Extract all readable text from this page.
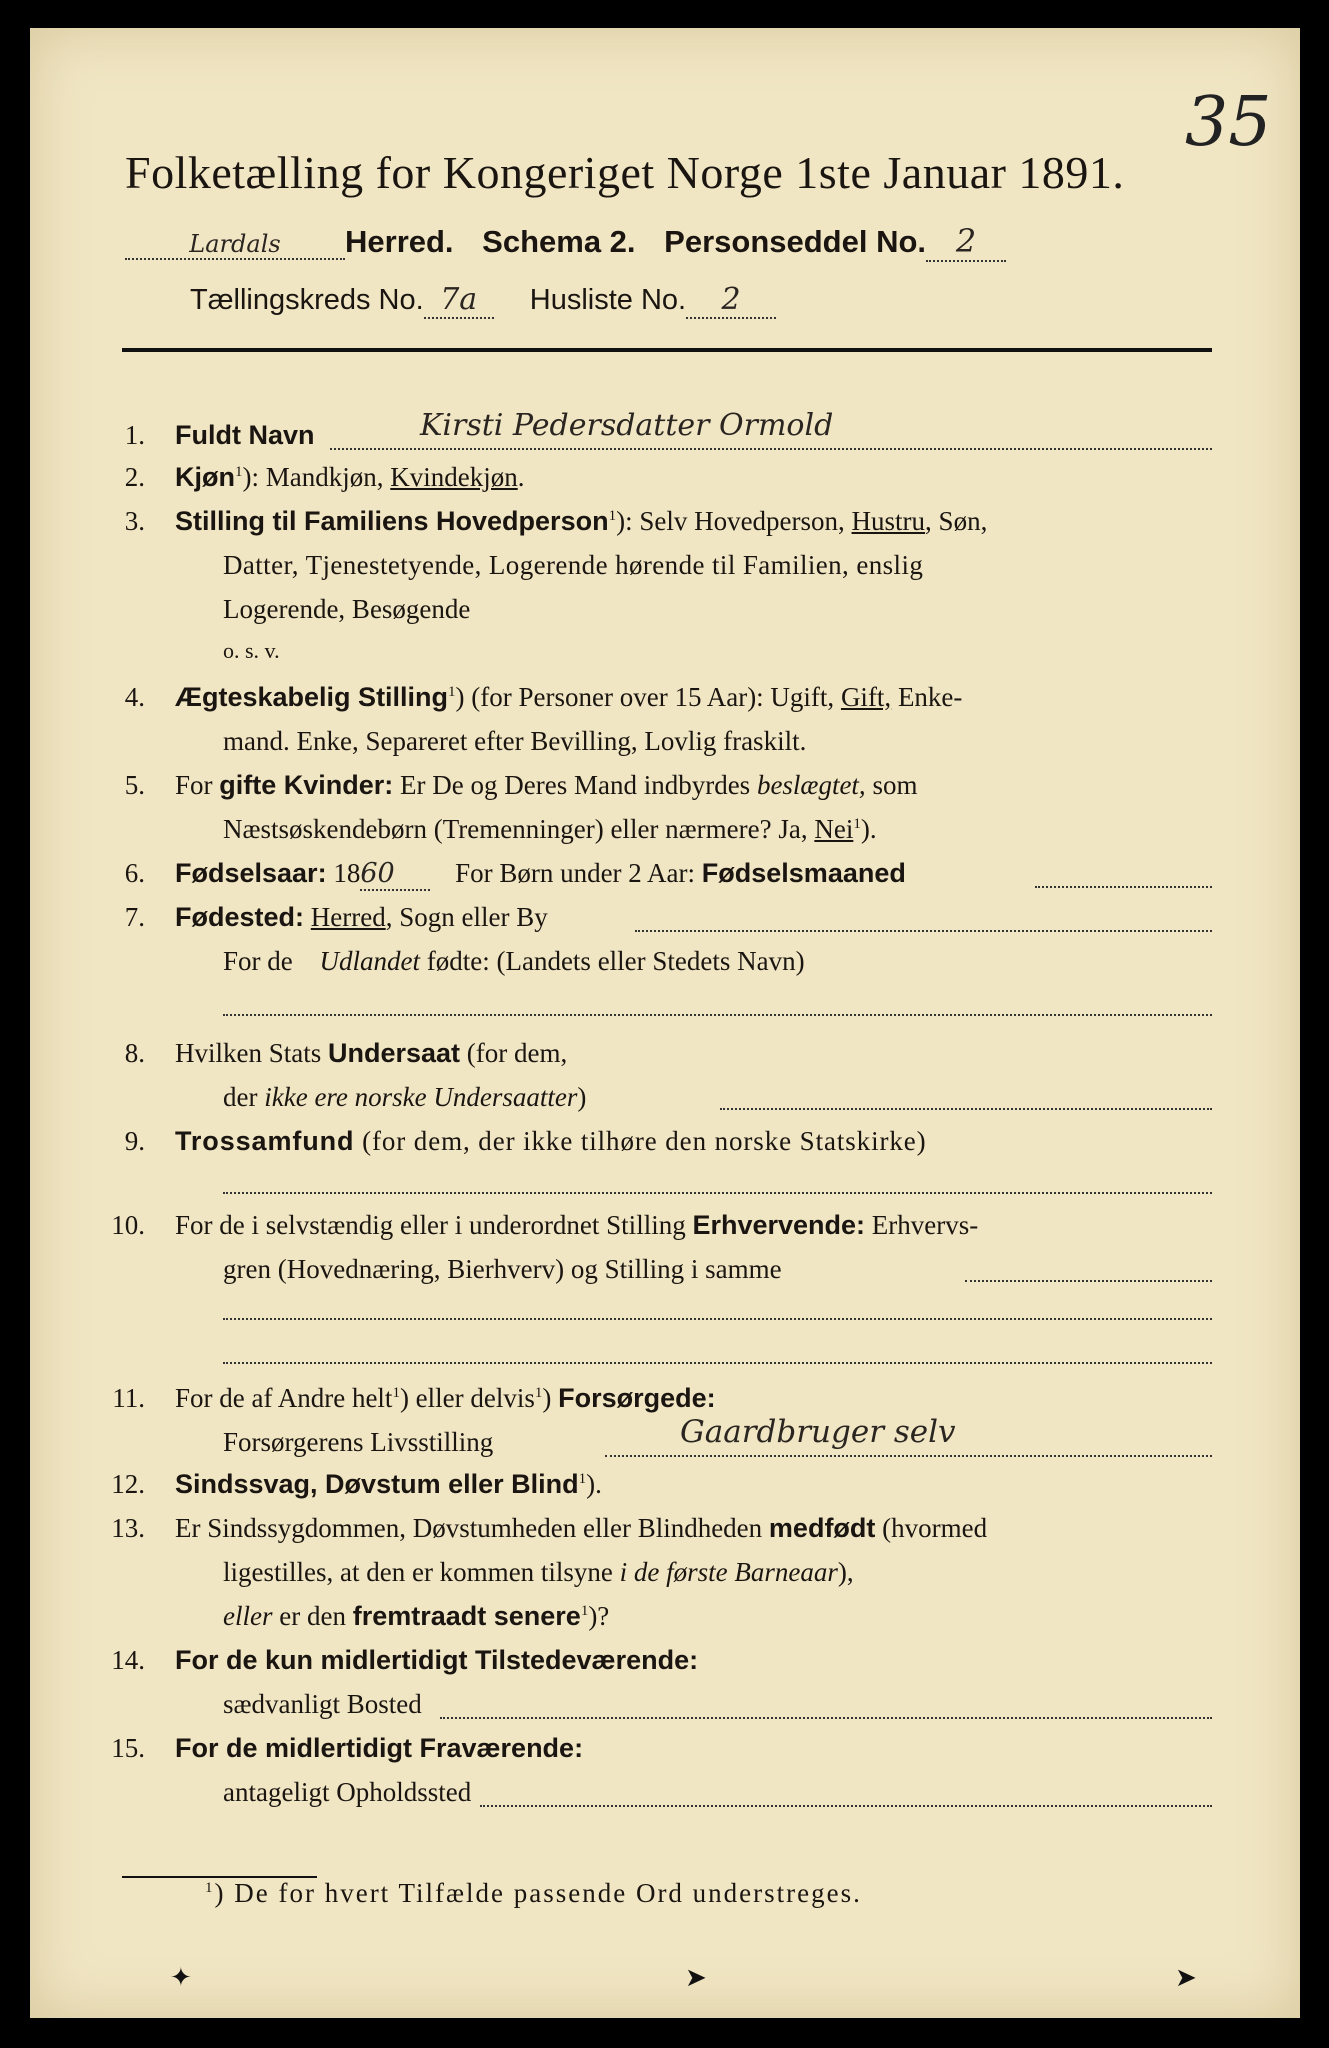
35
Folketælling for Kongeriget Norge 1ste Januar 1891.
Lardals Herred. Schema 2. Personseddel No. 2
Tællingskreds No. 7a Husliste No. 2
1. Fuldt Navn	Kirsti Pedersdatter Ormold
2. Kjøn$^1$): Mandkjøn, Kvindekjøn.
3. Stilling til Familiens Hovedperson$^1$): Selv Hovedperson, Hustru, Søn,
Datter, Tjenestetyende, Logerende hørende til Familien, enslig
Logerende, Besøgende
o. s. v.
4. Ægteskabelig Stilling$^1$) (for Personer over 15 Aar): Ugift, Gift, Enke-
mand. Enke, Separeret efter Bevilling, Lovlig fraskilt.
5. For gifte Kvinder: Er De og Deres Mand indbyrdes beslægtet, som
Næstsøskendebørn (Tremenninger) eller nærmere? Ja, Nei$^1$).
6. Fødselsaar: 1860 For Børn under 2 Aar: Fødselsmaaned
7. Fødested: Herred, Sogn eller By
For de Udlandet fødte: (Landets eller Stedets Navn)
8. Hvilken Stats Undersaat (for dem,
der ikke ere norske Undersaatter)
9. Trossamfund (for dem, der ikke tilhøre den norske Statskirke)
10. For de i selvstændig eller i underordnet Stilling Erhvervende: Erhvervs-
gren (Hovednæring, Bierhverv) og Stilling i samme
11. For de af Andre helt$^1$) eller delvis$^1$) Forsørgede:
Forsørgerens Livsstilling	Gaardbruger selv
12. Sindssvag, Døvstum eller Blind$^1$).
13. Er Sindssygdommen, Døvstumheden eller Blindheden medfødt (hvormed
ligestilles, at den er kommen tilsyne i de første Barneaar),
eller er den fremtraadt senere$^1$)?
14. For de kun midlertidigt Tilstedeværende:
sædvanligt Bosted
15. For de midlertidigt Fraværende:
antageligt Opholdssted
$^1$) De for hvert Tilfælde passende Ord understreges.
✦	➤	➤
